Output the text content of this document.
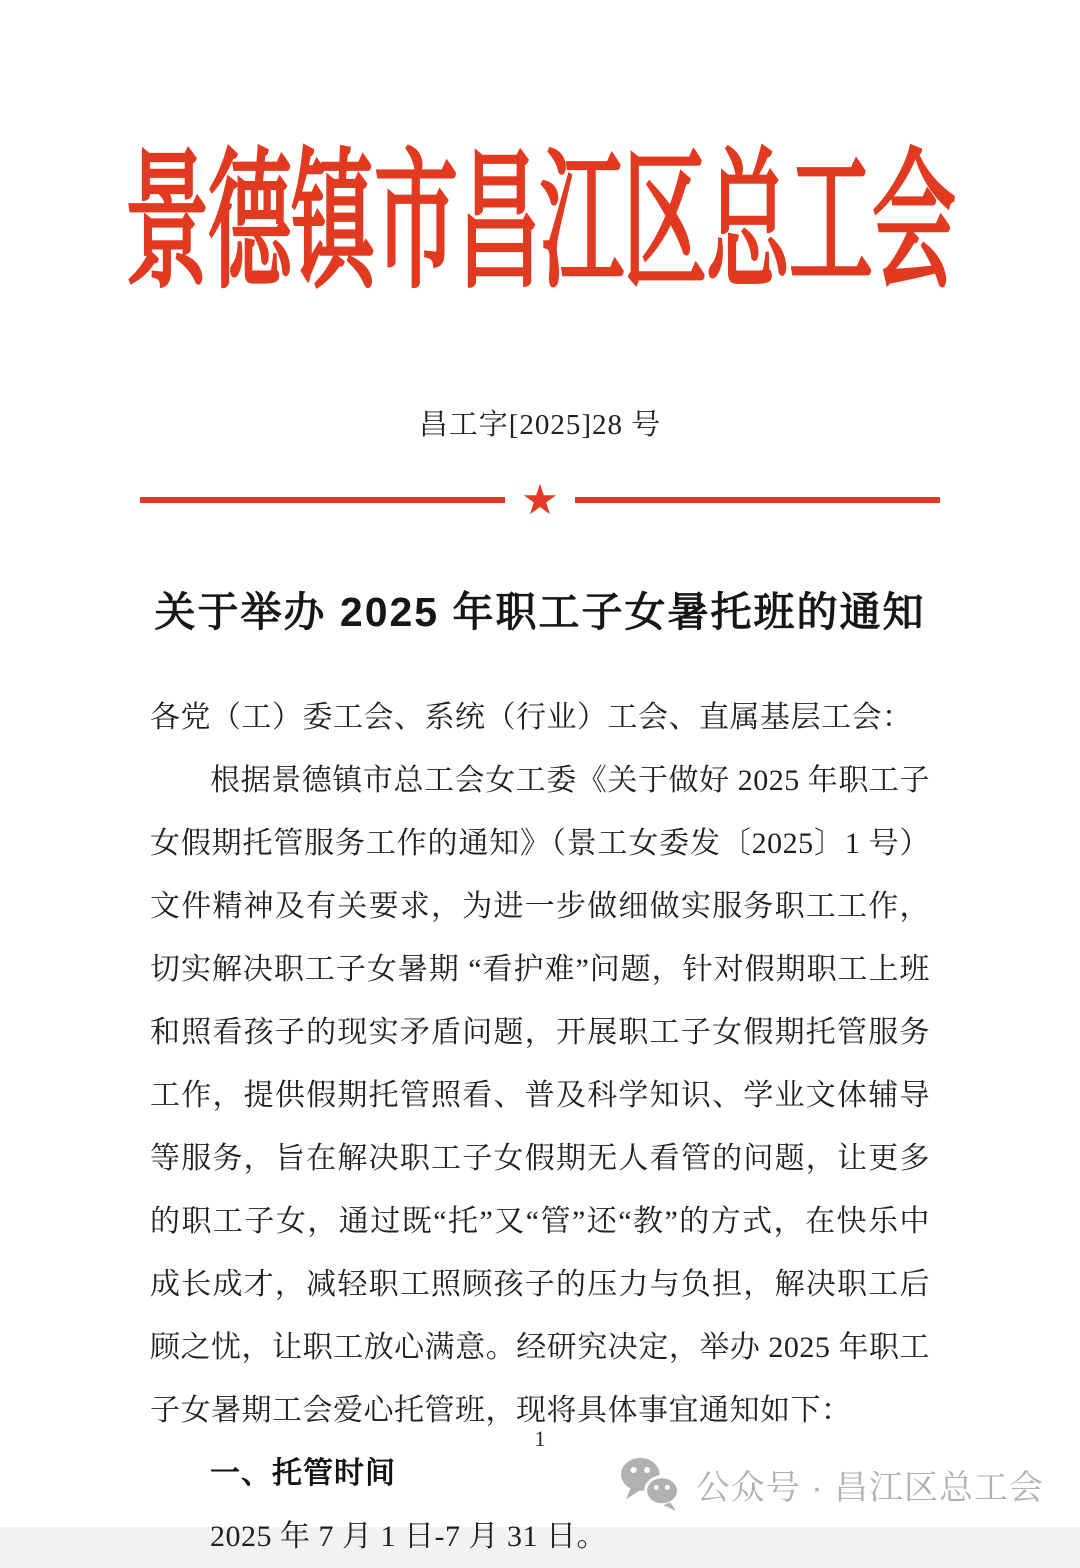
景德镇市昌江区总工会
昌工字[2025]28 号
★
关于举办 2025 年职工子女暑托班的通知

各党（工）委工会、系统（行业）工会、直属基层工会：

根据景德镇市总工会女工委《关于做好 2025 年职工子女假期托管服务工作的通知》（景工女委发〔2025〕1 号）文件精神及有关要求，为进一步做细做实服务职工工作，切实解决职工子女暑期 “看护难”问题，针对假期职工上班和照看孩子的现实矛盾问题，开展职工子女假期托管服务工作，提供假期托管照看、普及科学知识、学业文体辅导等服务，旨在解决职工子女假期无人看管的问题，让更多的职工子女，通过既“托”又“管”还“教”的方式，在快乐中成长成才，减轻职工照顾孩子的压力与负担，解决职工后顾之忧，让职工放心满意。经研究决定，举办 2025 年职工子女暑期工会爱心托管班，现将具体事宜通知如下：

一、托管时间

2025 年 7 月 1 日-7 月 31 日。

1
公众号 · 昌江区总工会
